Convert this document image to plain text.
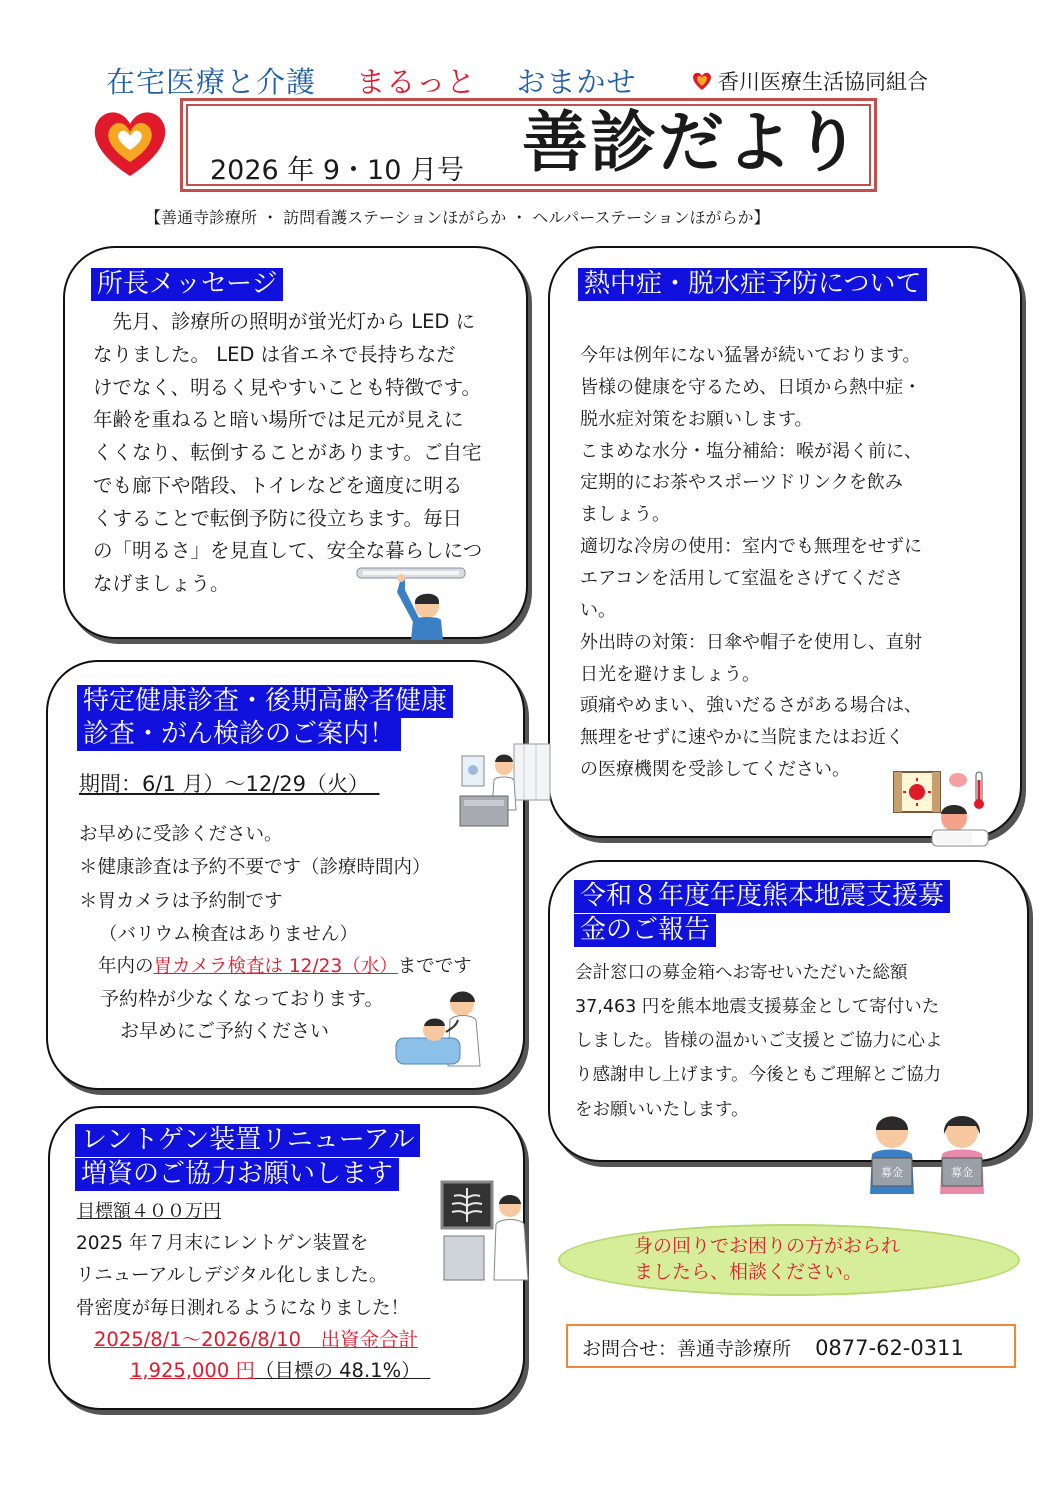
在宅医療と介護 まるっと おまかせ	香川医療生活協同組合
2026 年 9・10 月号 善診だより
【善通寺診療所 ・ 訪問看護ステーションほがらか ・ ヘルパーステーションほがらか】
所長メッセージ
　先月、診療所の照明が蛍光灯から LED に
なりました。 LED は省エネで長持ちなだ
けでなく、明るく見やすいことも特徴です。
年齢を重ねると暗い場所では足元が見えに
くくなり、転倒することがあります。ご自宅
でも廊下や階段、トイレなどを適度に明る
くすることで転倒予防に役立ちます。毎日
の「明るさ」を見直して、安全な暮らしにつ
なげましょう。
熱中症・脱水症予防について
今年は例年にない猛暑が続いております。
皆様の健康を守るため、日頃から熱中症・
脱水症対策をお願いします。
こまめな水分・塩分補給：喉が渇く前に、
定期的にお茶やスポーツドリンクを飲み
ましょう。
適切な冷房の使用：室内でも無理をせずに
エアコンを活用して室温をさげてくださ
い。
外出時の対策：日傘や帽子を使用し、直射
日光を避けましょう。
頭痛やめまい、強いだるさがある場合は、
無理をせずに速やかに当院またはお近く
の医療機関を受診してください。
特定健康診査・後期高齢者健康
診査・がん検診のご案内！
期間：6/1 月）～12/29（火）　
お早めに受診ください。
＊健康診査は予約不要です（診療時間内）
＊胃カメラは予約制です
（バリウム検査はありません）
年内の胃カメラ検査は 12/23（水）までです
予約枠が少なくなっております。
お早めにご予約ください
レントゲン装置リニューアル
増資のご協力お願いします
目標額４００万円
2025 年７月末にレントゲン装置を
リニューアルしデジタル化しました。
骨密度が毎日測れるようになりました！
2025/8/1～2026/8/10　出資金合計
1,925,000 円（目標の 48.1%）　
令和８年度年度熊本地震支援募
金のご報告
会計窓口の募金箱へお寄せいただいた総額
37,463 円を熊本地震支援募金として寄付いた
しました。皆様の温かいご支援とご協力に心よ
り感謝申し上げます。今後ともご理解とご協力
をお願いいたします。
募金	募金
身の回りでお困りの方がおられ
ましたら、相談ください。
お問合せ：善通寺診療所 0877-62-0311
